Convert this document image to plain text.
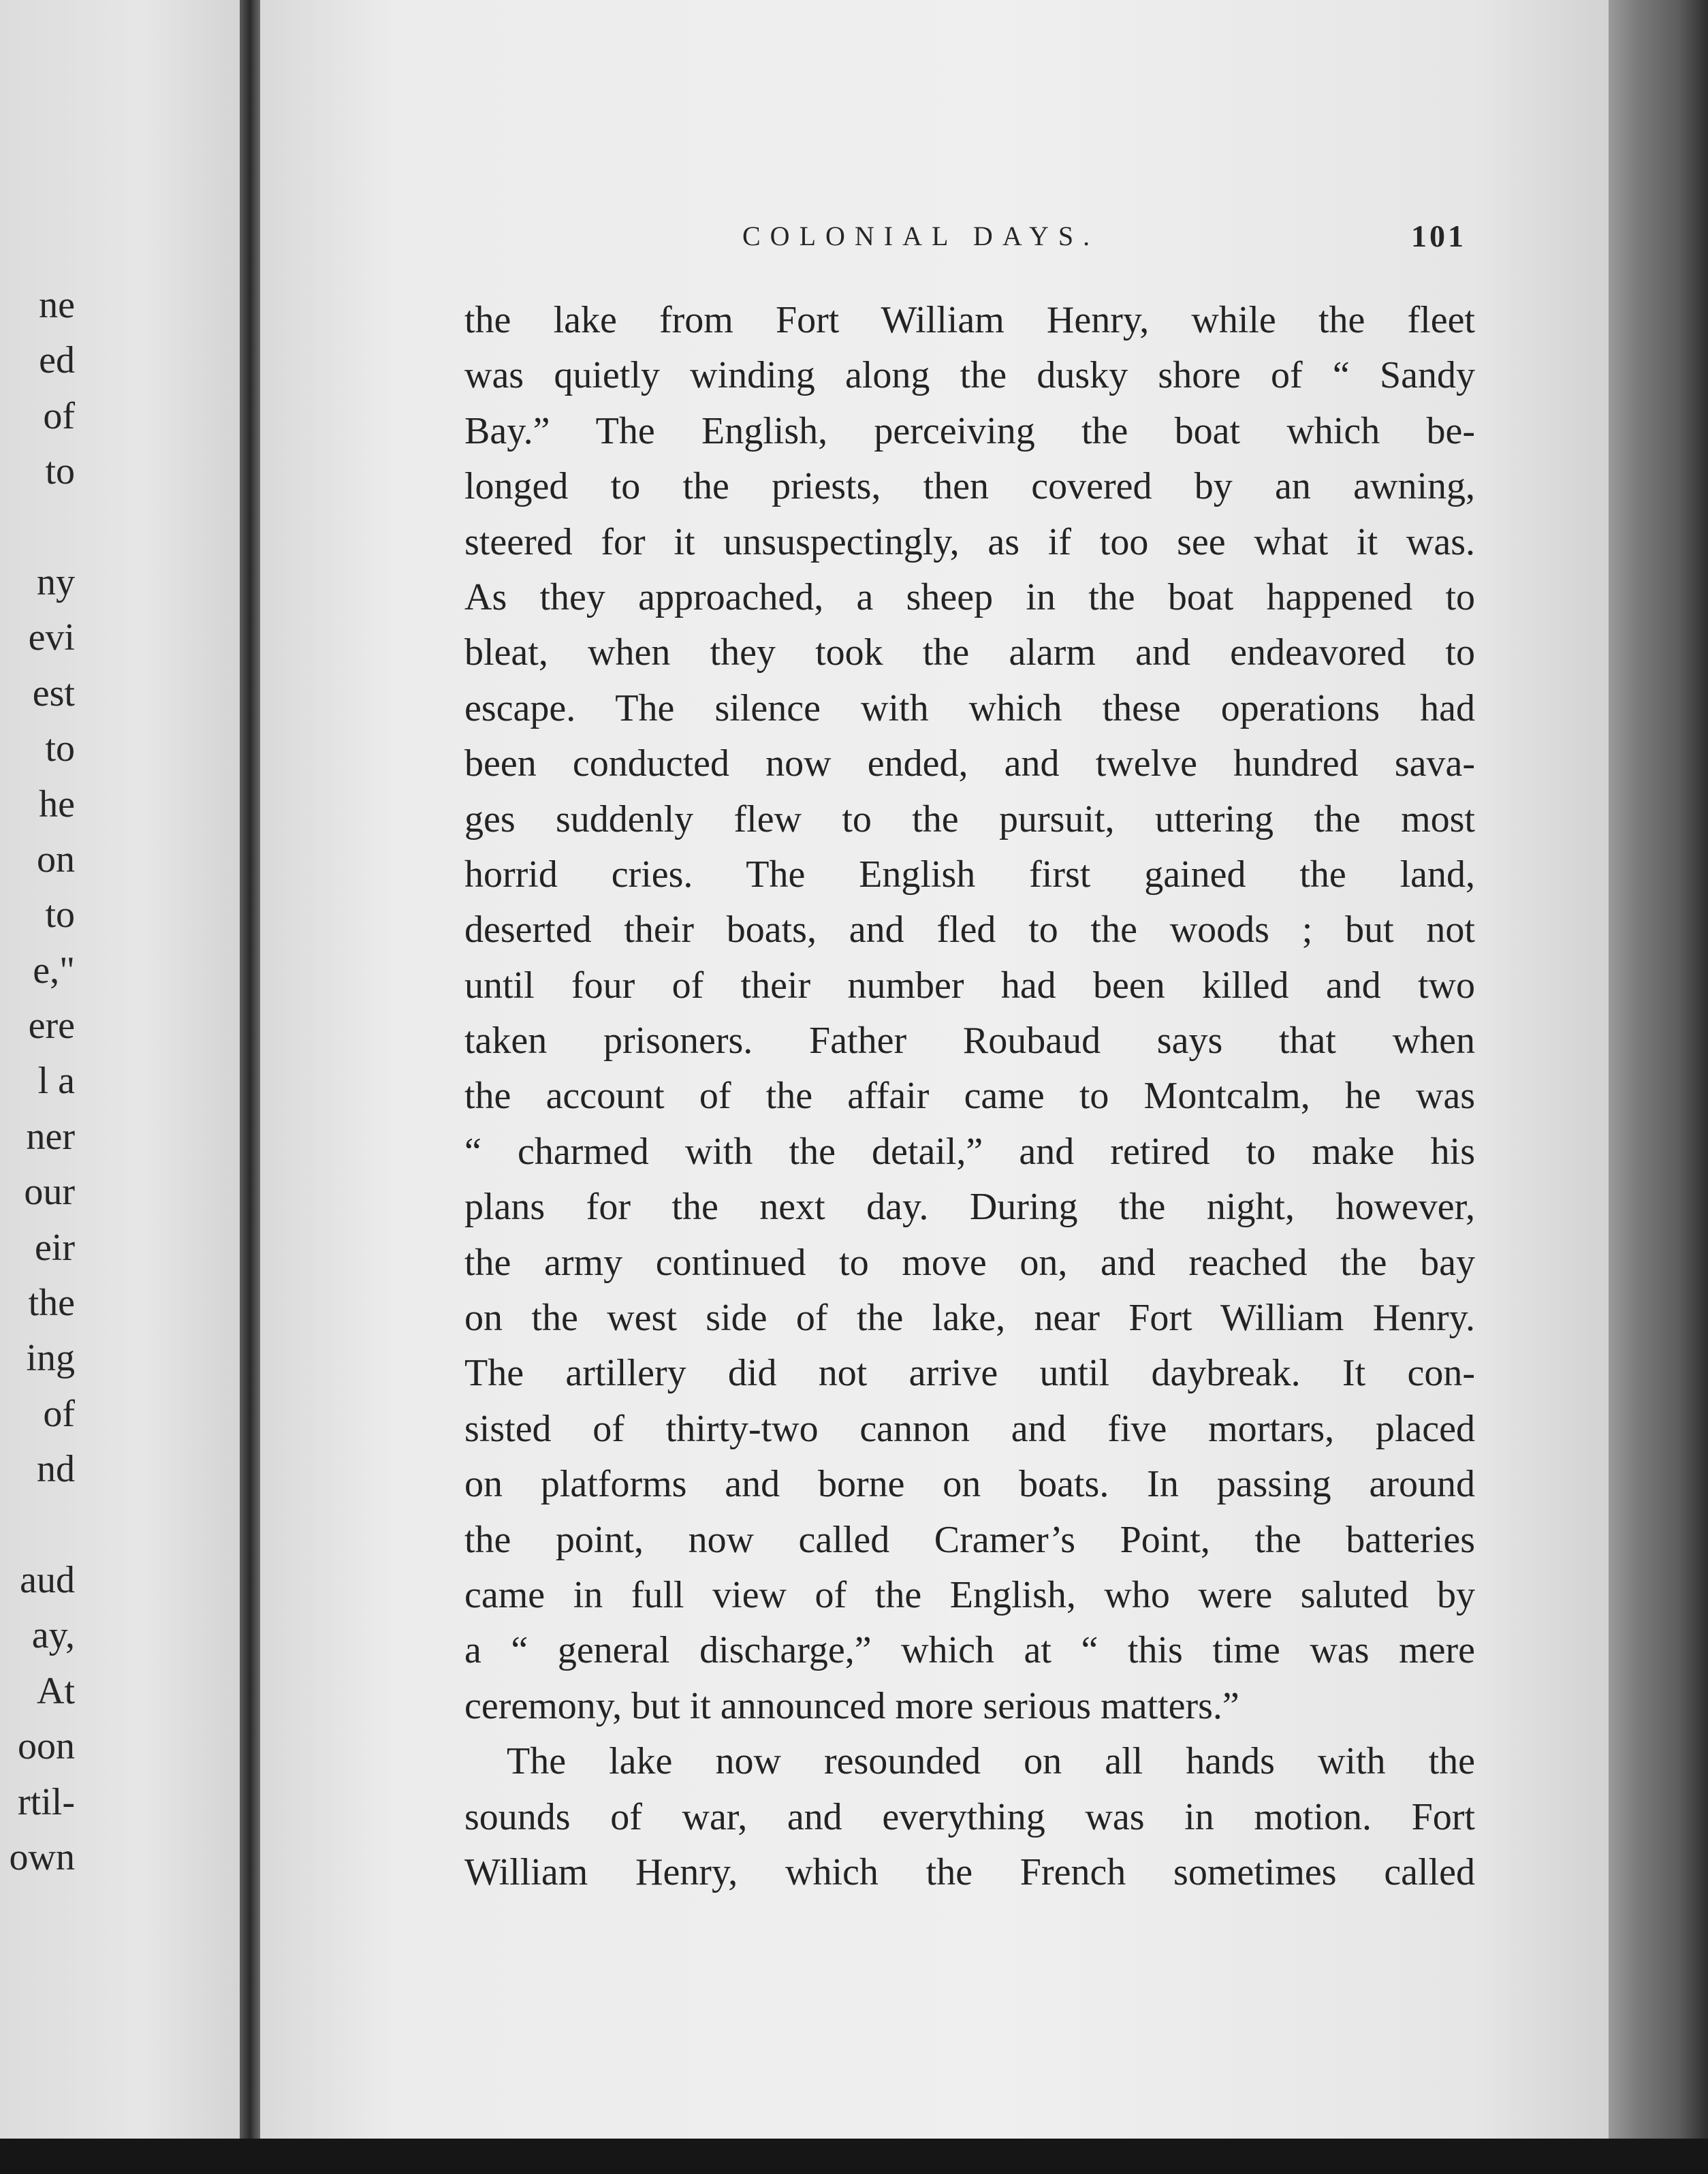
ne
ed
of
to
ny
evi
est
to
he
on
to
e,"
ere
l a
ner
our
eir
the
ing
of
nd
aud
ay,
At
oon
rtil-
own
COLONIAL DAYS.	101
the lake from Fort William Henry, while the fleet
was quietly winding along the dusky shore of “ Sandy
Bay.” The English, perceiving the boat which be-
longed to the priests, then covered by an awning,
steered for it unsuspectingly, as if too see what it was.
As they approached, a sheep in the boat happened to
bleat, when they took the alarm and endeavored to
escape. The silence with which these operations had
been conducted now ended, and twelve hundred sava-
ges suddenly flew to the pursuit, uttering the most
horrid cries. The English first gained the land,
deserted their boats, and fled to the woods ; but not
until four of their number had been killed and two
taken prisoners. Father Roubaud says that when
the account of the affair came to Montcalm, he was
“ charmed with the detail,” and retired to make his
plans for the next day. During the night, however,
the army continued to move on, and reached the bay
on the west side of the lake, near Fort William Henry.
The artillery did not arrive until daybreak. It con-
sisted of thirty-two cannon and five mortars, placed
on platforms and borne on boats. In passing around
the point, now called Cramer’s Point, the batteries
came in full view of the English, who were saluted by
a “ general discharge,” which at “ this time was mere
ceremony, but it announced more serious matters.”
The lake now resounded on all hands with the
sounds of war, and everything was in motion. Fort
William Henry, which the French sometimes called
